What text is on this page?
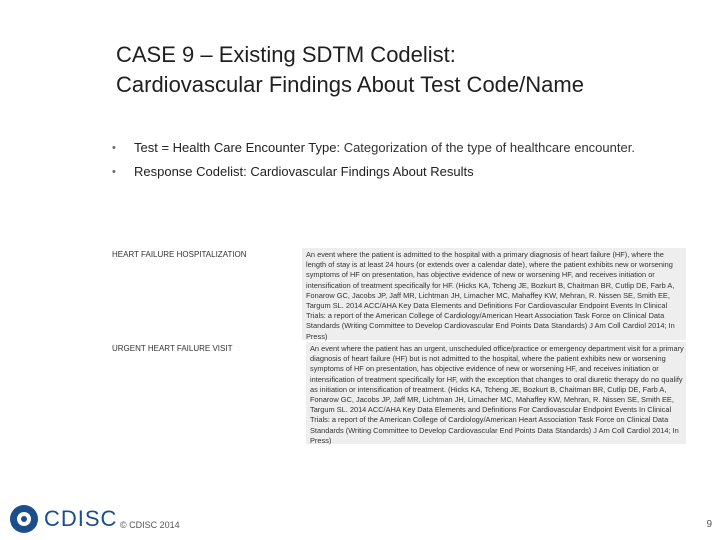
CASE 9 – Existing SDTM Codelist:
Cardiovascular Findings About Test Code/Name
• Test = Health Care Encounter Type: Categorization of the type of healthcare encounter.
• Response Codelist: Cardiovascular Findings About Results
HEART FAILURE HOSPITALIZATION	An event where the patient is admitted to the hospital with a primary diagnosis of heart failure (HF), where the length of stay is at least 24 hours (or extends over a calendar date), where the patient exhibits new or worsening symptoms of HF on presentation, has objective evidence of new or worsening HF, and receives initiation or intensification of treatment specifically for HF. (Hicks KA, Tcheng JE, Bozkurt B, Chaitman BR, Cutlip DE, Farb A, Fonarow GC, Jacobs JP, Jaff MR, Lichtman JH, Limacher MC, Mahaffey KW, Mehran, R. Nissen SE, Smith EE, Targum SL. 2014 ACC/AHA Key Data Elements and Definitions For Cardiovascular Endpoint Events In Clinical Trials: a report of the American College of Cardiology/American Heart Association Task Force on Clinical Data Standards (Writing Committee to Develop Cardiovascular End Points Data Standards) J Am Coll Cardiol 2014; In Press)
URGENT HEART FAILURE VISIT	An event where the patient has an urgent, unscheduled office/practice or emergency department visit for a primary diagnosis of heart failure (HF) but is not admitted to the hospital, where the patient exhibits new or worsening symptoms of HF on presentation, has objective evidence of new or worsening HF, and receives initiation or intensification of treatment specifically for HF, with the exception that changes to oral diuretic therapy do no qualify as initiation or intensification of treatment. (Hicks KA, Tcheng JE, Bozkurt B, Chaitman BR, Cutlip DE, Farb A, Fonarow GC, Jacobs JP, Jaff MR, Lichtman JH, Limacher MC, Mahaffey KW, Mehran, R. Nissen SE, Smith EE, Targum SL. 2014 ACC/AHA Key Data Elements and Definitions For Cardiovascular Endpoint Events In Clinical Trials: a report of the American College of Cardiology/American Heart Association Task Force on Clinical Data Standards (Writing Committee to Develop Cardiovascular End Points Data Standards) J Am Coll Cardiol 2014; In Press)
CDISC © CDISC 2014	9
